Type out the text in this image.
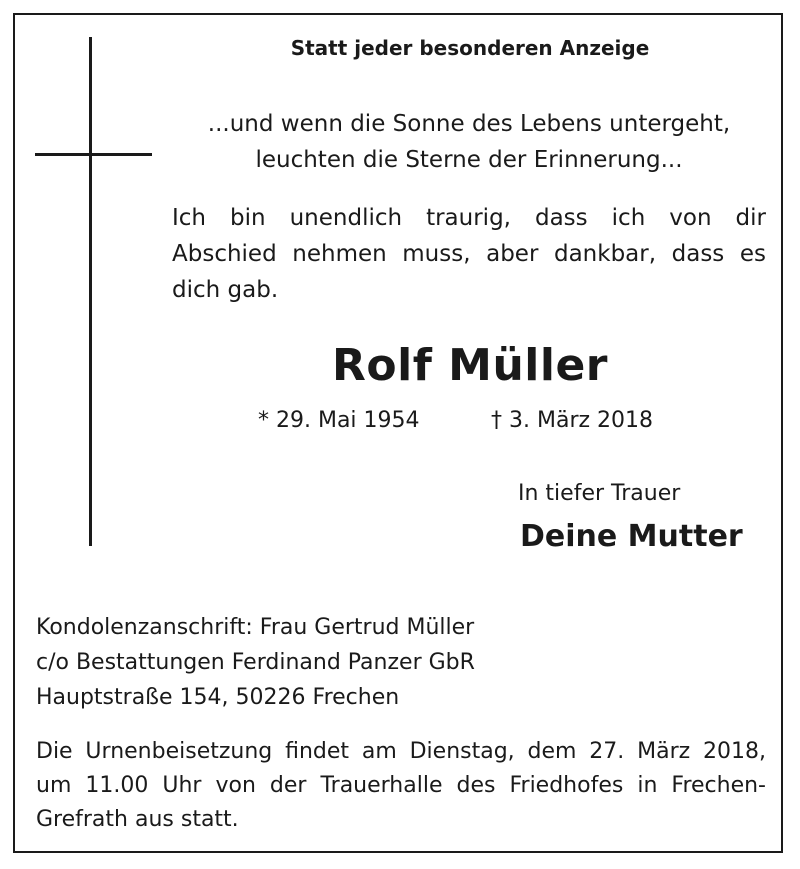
Statt jeder besonderen Anzeige

...und wenn die Sonne des Lebens untergeht,
leuchten die Sterne der Erinnerung...

Ich bin unendlich traurig, dass ich von dir
Abschied nehmen muss, aber dankbar, dass es
dich gab.

Rolf Müller

* 29. Mai 1954	† 3. März 2018

In tiefer Trauer

Deine Mutter

Kondolenzanschrift: Frau Gertrud Müller
c/o Bestattungen Ferdinand Panzer GbR
Hauptstraße 154, 50226 Frechen
Die Urnenbeisetzung findet am Dienstag, dem 27. März 2018,
um 11.00 Uhr von der Trauerhalle des Friedhofes in Frechen-
Grefrath aus statt.
